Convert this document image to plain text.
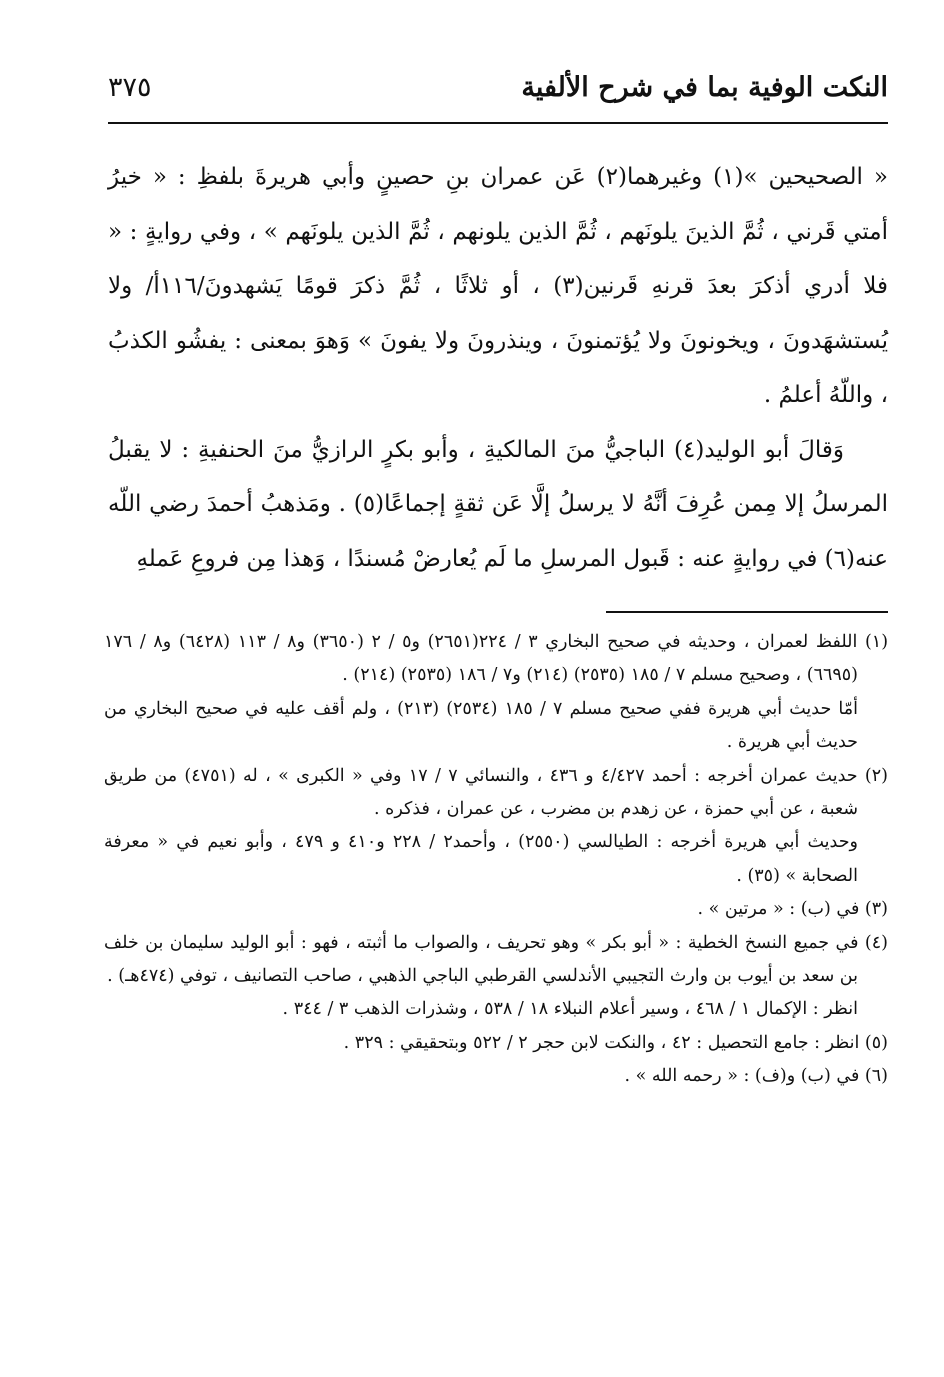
النكت الوفية بما في شرح الألفية
٣٧٥

« الصحيحين »(١) وغيرهما(٢) عَن عمران بنِ حصينٍ وأبي هريرةَ بلفظِ : « خيرُ أمتي قَرني ، ثُمَّ الذينَ يلونَهم ، ثُمَّ الذين يلونهم ، ثُمَّ الذين يلونَهم » ، وفي روايةٍ : « فلا أدري أذكرَ بعدَ قرنهِ قَرنين(٣) ، أو ثلاثًا ، ثُمَّ ذكرَ قومًا يَشهدونَ/١١٦أ/ ولا يُستشهَدونَ ، ويخونونَ ولا يُؤتمنونَ ، وينذرونَ ولا يفونَ » وَهوَ بمعنى : يفشُو الكذبُ ، واللّهُ أعلمُ .

وَقالَ أبو الوليد(٤) الباجيُّ منَ المالكيةِ ، وأبو بكرٍ الرازيُّ منَ الحنفيةِ : لا يقبلُ المرسلُ إلا مِمن عُرِفَ أنَّهُ لا يرسلُ إلَّا عَن ثقةٍ إجماعًا(٥) . ومَذهبُ أحمدَ رضي اللّه عنه(٦) في روايةٍ عنه : قَبول المرسلِ ما لَم يُعارضْ مُسندًا ، وَهذا مِن فروعِ عَملهِ

(١) اللفظ لعمران ، وحديثه في صحيح البخاري ٣ / ٢٢٤(٢٦٥١) و٥ / ٢ (٣٦٥٠) و٨ / ١١٣ (٦٤٢٨) و٨ / ١٧٦ (٦٦٩٥) ، وصحيح مسلم ٧ / ١٨٥ (٢٥٣٥) (٢١٤) و٧ / ١٨٦ (٢٥٣٥) (٢١٤) .

أمّا حديث أبي هريرة ففي صحيح مسلم ٧ / ١٨٥ (٢٥٣٤) (٢١٣) ، ولم أقف عليه في صحيح البخاري من حديث أبي هريرة .

(٢) حديث عمران أخرجه : أحمد ٤/٤٢٧ و ٤٣٦ ، والنسائي ٧ / ١٧ وفي « الكبرى » ، له (٤٧٥١) من طريق شعبة ، عن أبي حمزة ، عن زهدم بن مضرب ، عن عمران ، فذكره .

وحديث أبي هريرة أخرجه : الطيالسي (٢٥٥٠) ، وأحمد٢ / ٢٢٨ و٤١٠ و ٤٧٩ ، وأبو نعيم في « معرفة الصحابة » (٣٥) .

(٣) في (ب) : « مرتين » .

(٤) في جميع النسخ الخطية : « أبو بكر » وهو تحريف ، والصواب ما أثبته ، فهو : أبو الوليد سليمان بن خلف بن سعد بن أيوب بن وارث التجيبي الأندلسي القرطبي الباجي الذهبي ، صاحب التصانيف ، توفي (٤٧٤هـ) .

انظر : الإكمال ١ / ٤٦٨ ، وسير أعلام النبلاء ١٨ / ٥٣٨ ، وشذرات الذهب ٣ / ٣٤٤ .

(٥) انظر : جامع التحصيل : ٤٢ ، والنكت لابن حجر ٢ / ٥٢٢ وبتحقيقي : ٣٢٩ .

(٦) في (ب) و(ف) : « رحمه الله » .
